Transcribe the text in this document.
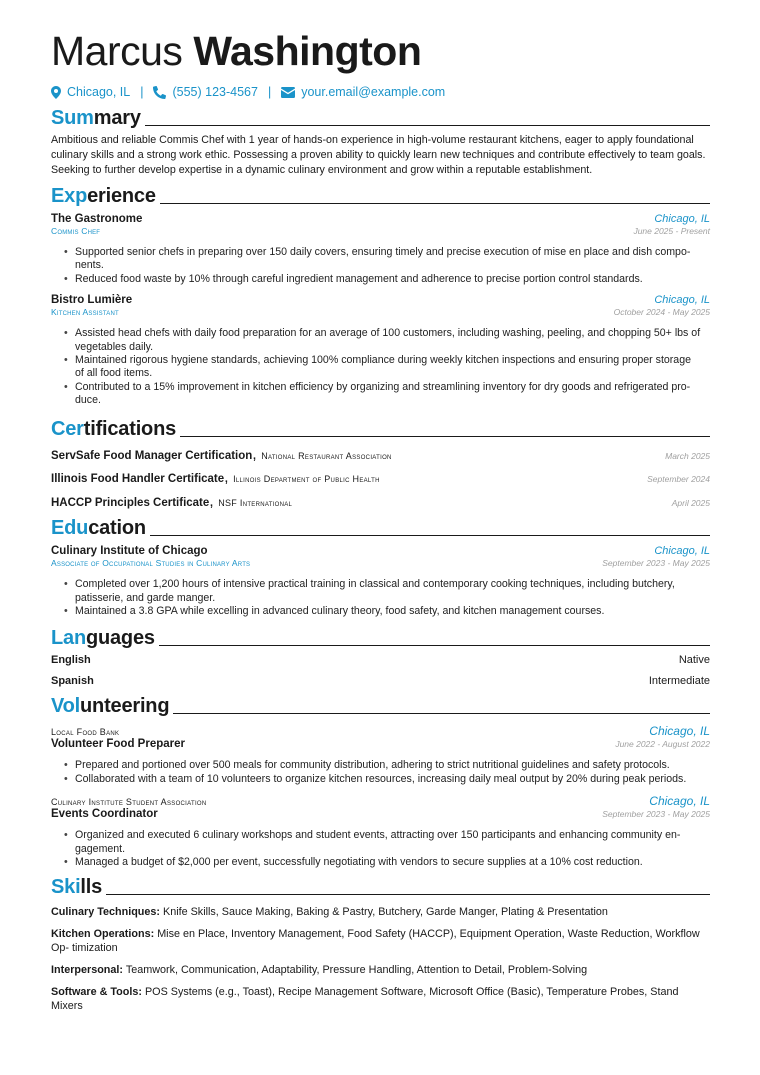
Marcus Washington
Chicago, IL | (555) 123-4567 | your.email@example.com
Summary
Ambitious and reliable Commis Chef with 1 year of hands-on experience in high-volume restaurant kitchens, eager to apply foundational culinary skills and a strong work ethic. Possessing a proven ability to quickly learn new techniques and contribute effectively to team goals. Seeking to further develop expertise in a dynamic culinary environment and grow within a reputable establishment.
Experience
The Gastronome	Chicago, IL
Commis Chef	June 2025 - Present
• Supported senior chefs in preparing over 150 daily covers, ensuring timely and precise execution of mise en place and dish compo-
nents.
• Reduced food waste by 10% through careful ingredient management and adherence to precise portion control standards.
Bistro Lumière	Chicago, IL
Kitchen Assistant	October 2024 - May 2025
• Assisted head chefs with daily food preparation for an average of 100 customers, including washing, peeling, and chopping 50+ lbs of
vegetables daily.
• Maintained rigorous hygiene standards, achieving 100% compliance during weekly kitchen inspections and ensuring proper storage
of all food items.
• Contributed to a 15% improvement in kitchen efficiency by organizing and streamlining inventory for dry goods and refrigerated pro-
duce.
Certifications
ServSafe Food Manager Certification, National Restaurant Association	March 2025
Illinois Food Handler Certificate, Illinois Department of Public Health	September 2024
HACCP Principles Certificate, NSF International	April 2025
Education
Culinary Institute of Chicago	Chicago, IL
Associate of Occupational Studies in Culinary Arts	September 2023 - May 2025
• Completed over 1,200 hours of intensive practical training in classical and contemporary cooking techniques, including butchery,
patisserie, and garde manger.
• Maintained a 3.8 GPA while excelling in advanced culinary theory, food safety, and kitchen management courses.
Languages
English	Native
Spanish	Intermediate
Volunteering
Local Food Bank	Chicago, IL
Volunteer Food Preparer	June 2022 - August 2022
• Prepared and portioned over 500 meals for community distribution, adhering to strict nutritional guidelines and safety protocols.
• Collaborated with a team of 10 volunteers to organize kitchen resources, increasing daily meal output by 20% during peak periods.
Culinary Institute Student Association	Chicago, IL
Events Coordinator	September 2023 - May 2025
• Organized and executed 6 culinary workshops and student events, attracting over 150 participants and enhancing community en-
gagement.
• Managed a budget of $2,000 per event, successfully negotiating with vendors to secure supplies at a 10% cost reduction.
Skills
Culinary Techniques: Knife Skills, Sauce Making, Baking & Pastry, Butchery, Garde Manger, Plating & Presentation
Kitchen Operations: Mise en Place, Inventory Management, Food Safety (HACCP), Equipment Operation, Waste Reduction, Workflow Op- timization
Interpersonal: Teamwork, Communication, Adaptability, Pressure Handling, Attention to Detail, Problem-Solving
Software & Tools: POS Systems (e.g., Toast), Recipe Management Software, Microsoft Office (Basic), Temperature Probes, Stand Mixers
